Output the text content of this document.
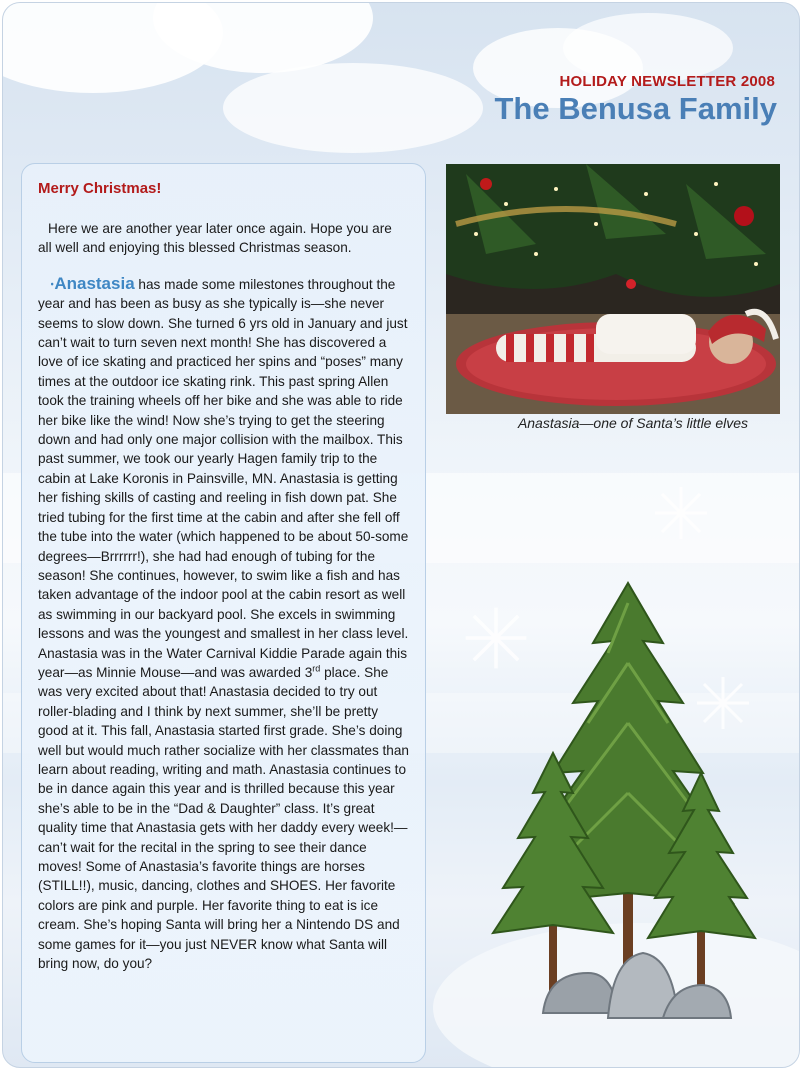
HOLIDAY NEWSLETTER 2008

The Benusa Family

Merry Christmas!

Here we are another year later once again. Hope you are all well and enjoying this blessed Christmas season.

ꞏAnastasia has made some milestones throughout the year and has been as busy as she typically is—she never seems to slow down. She turned 6 yrs old in January and just can’t wait to turn seven next month! She has discovered a love of ice skating and practiced her spins and “poses” many times at the outdoor ice skating rink. This past spring Allen took the training wheels off her bike and she was able to ride her bike like the wind! Now she’s trying to get the steering down and had only one major collision with the mailbox. This past summer, we took our yearly Hagen family trip to the cabin at Lake Koronis in Painsville, MN. Anastasia is getting her fishing skills of casting and reeling in fish down pat. She tried tubing for the first time at the cabin and after she fell off the tube into the water (which happened to be about 50-some degrees—Brrrrrr!), she had had enough of tubing for the season! She continues, however, to swim like a fish and has taken advantage of the indoor pool at the cabin resort as well as swimming in our backyard pool. She excels in swimming lessons and was the youngest and smallest in her class level. Anastasia was in the Water Carnival Kiddie Parade again this year—as Minnie Mouse—and was awarded 3rd place. She was very excited about that! Anastasia decided to try out roller-blading and I think by next summer, she’ll be pretty good at it. This fall, Anastasia started first grade. She’s doing well but would much rather socialize with her classmates than learn about reading, writing and math. Anastasia continues to be in dance again this year and is thrilled because this year she’s able to be in the “Dad & Daughter” class. It’s great quality time that Anastasia gets with her daddy every week!—can’t wait for the recital in the spring to see their dance moves! Some of Anastasia’s favorite things are horses (STILL!!), music, dancing, clothes and SHOES. Her favorite colors are pink and purple. Her favorite thing to eat is ice cream. She’s hoping Santa will bring her a Nintendo DS and some games for it—you just NEVER know what Santa will bring now, do you?

Anastasia—one of Santa’s little elves
